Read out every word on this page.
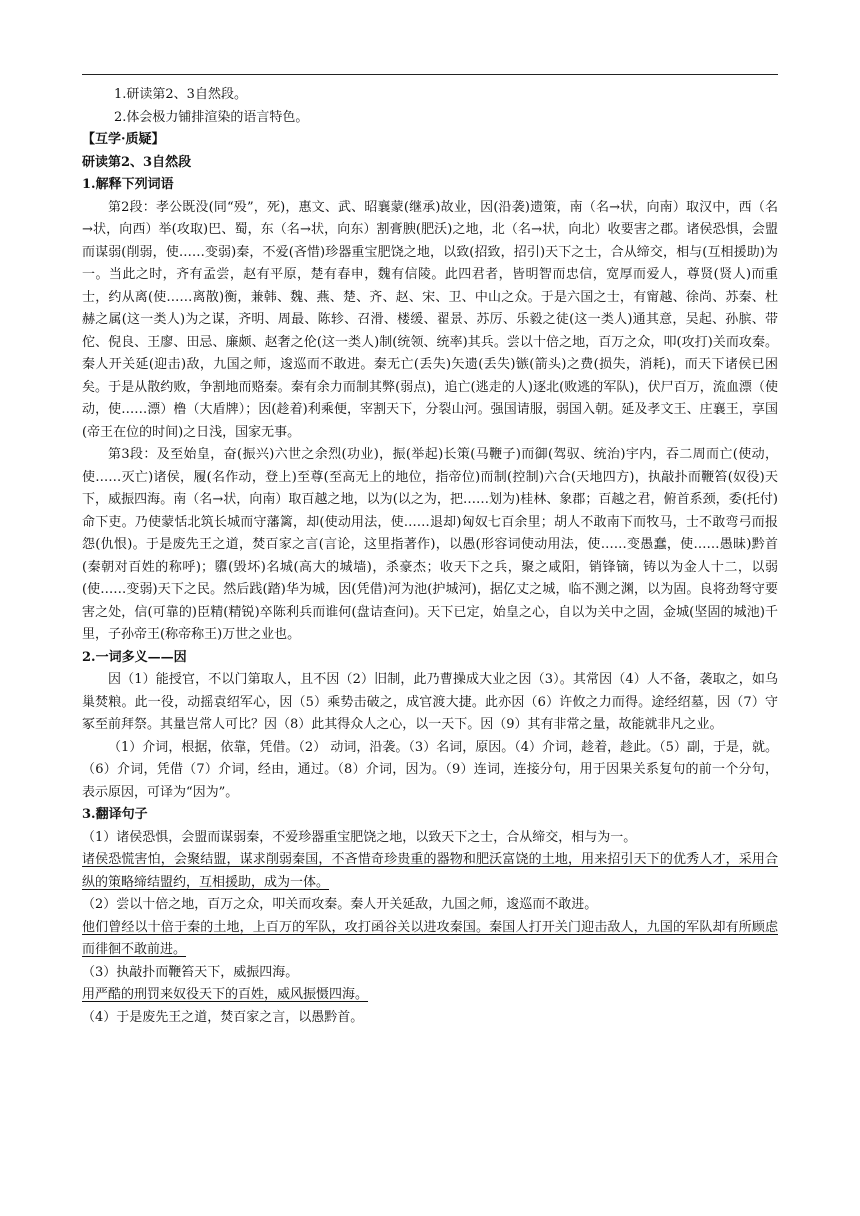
1.研读第2、3自然段。

2.体会极力铺排渲染的语言特色。

【互学·质疑】

研读第2、3自然段

1.解释下列词语

第2段：孝公既没(同“殁”，死)，惠文、武、昭襄蒙(继承)故业，因(沿袭)遗策，南（名→状，向南）取汉中，西（名→状，向西）举(攻取)巴、蜀，东（名→状，向东）割膏腴(肥沃)之地，北（名→状，向北）收要害之郡。诸侯恐惧，会盟而谋弱(削弱，使……变弱)秦，不爱(吝惜)珍器重宝肥饶之地，以致(招致，招引)天下之士，合从缔交，相与(互相援助)为一。当此之时，齐有孟尝，赵有平原，楚有春申，魏有信陵。此四君者，皆明智而忠信，宽厚而爱人，尊贤(贤人)而重士，约从离(使……离散)衡，兼韩、魏、燕、楚、齐、赵、宋、卫、中山之众。于是六国之士，有甯越、徐尚、苏秦、杜赫之属(这一类人)为之谋，齐明、周最、陈轸、召滑、楼缓、翟景、苏厉、乐毅之徒(这一类人)通其意，吴起、孙膑、带佗、倪良、王廖、田忌、廉颇、赵奢之伦(这一类人)制(统领、统率)其兵。尝以十倍之地，百万之众，叩(攻打)关而攻秦。秦人开关延(迎击)敌，九国之师，逡巡而不敢进。秦无亡(丢失)矢遗(丢失)镞(箭头)之费(损失，消耗)，而天下诸侯已困矣。于是从散约败，争割地而赂秦。秦有余力而制其弊(弱点)，追亡(逃走的人)逐北(败逃的军队)，伏尸百万，流血漂（使动，使……漂）橹（大盾牌）；因(趁着)利乘便，宰割天下，分裂山河。强国请服，弱国入朝。延及孝文王、庄襄王，享国(帝王在位的时间)之日浅，国家无事。

第3段：及至始皇，奋(振兴)六世之余烈(功业)，振(举起)长策(马鞭子)而御(驾驭、统治)宇内，吞二周而亡(使动，使……灭亡)诸侯，履(名作动，登上)至尊(至高无上的地位，指帝位)而制(控制)六合(天地四方)，执敲扑而鞭笞(奴役)天下，威振四海。南（名→状，向南）取百越之地，以为(以之为，把……划为)桂林、象郡；百越之君，俯首系颈，委(托付)命下吏。乃使蒙恬北筑长城而守藩篱，却(使动用法，使……退却)匈奴七百余里；胡人不敢南下而牧马，士不敢弯弓而报怨(仇恨)。于是废先王之道，焚百家之言(言论，这里指著作)，以愚(形容词使动用法，使……变愚蠢，使……愚昧)黔首(秦朝对百姓的称呼)；隳(毁坏)名城(高大的城墙)，杀豪杰；收天下之兵，聚之咸阳，销锋镝，铸以为金人十二，以弱(使……变弱)天下之民。然后践(踏)华为城，因(凭借)河为池(护城河)，据亿丈之城，临不测之渊，以为固。良将劲弩守要害之处，信(可靠的)臣精(精锐)卒陈利兵而谁何(盘诘查问)。天下已定，始皇之心，自以为关中之固，金城(坚固的城池)千里，子孙帝王(称帝称王)万世之业也。

2.一词多义——因

因（1）能授官，不以门第取人，且不因（2）旧制，此乃曹操成大业之因（3）。其常因（4）人不备，袭取之，如乌巢焚粮。此一役，动摇袁绍军心，因（5）乘势击破之，成官渡大捷。此亦因（6）许攸之力而得。途经绍墓，因（7）守冢至前拜祭。其量岂常人可比？因（8）此其得众人之心，以一天下。因（9）其有非常之量，故能就非凡之业。

（1）介词，根据，依靠，凭借。（2） 动词，沿袭。（3）名词，原因。（4）介词，趁着，趁此。（5）副，于是，就。（6）介词，凭借（7）介词，经由，通过。（8）介词，因为。（9）连词，连接分句，用于因果关系复句的前一个分句，表示原因，可译为“因为”。

3.翻译句子

（1）诸侯恐惧，会盟而谋弱秦，不爱珍器重宝肥饶之地，以致天下之士，合从缔交，相与为一。

诸侯恐慌害怕，会聚结盟，谋求削弱秦国，不吝惜奇珍贵重的器物和肥沃富饶的土地，用来招引天下的优秀人才，采用合纵的策略缔结盟约，互相援助，成为一体。

（2）尝以十倍之地，百万之众，叩关而攻秦。秦人开关延敌，九国之师，逡巡而不敢进。

他们曾经以十倍于秦的土地，上百万的军队，攻打函谷关以进攻秦国。秦国人打开关门迎击敌人，九国的军队却有所顾虑而徘徊不敢前进。

（3）执敲扑而鞭笞天下，威振四海。

用严酷的刑罚来奴役天下的百姓，威风振慑四海。

（4）于是废先王之道，焚百家之言，以愚黔首。
